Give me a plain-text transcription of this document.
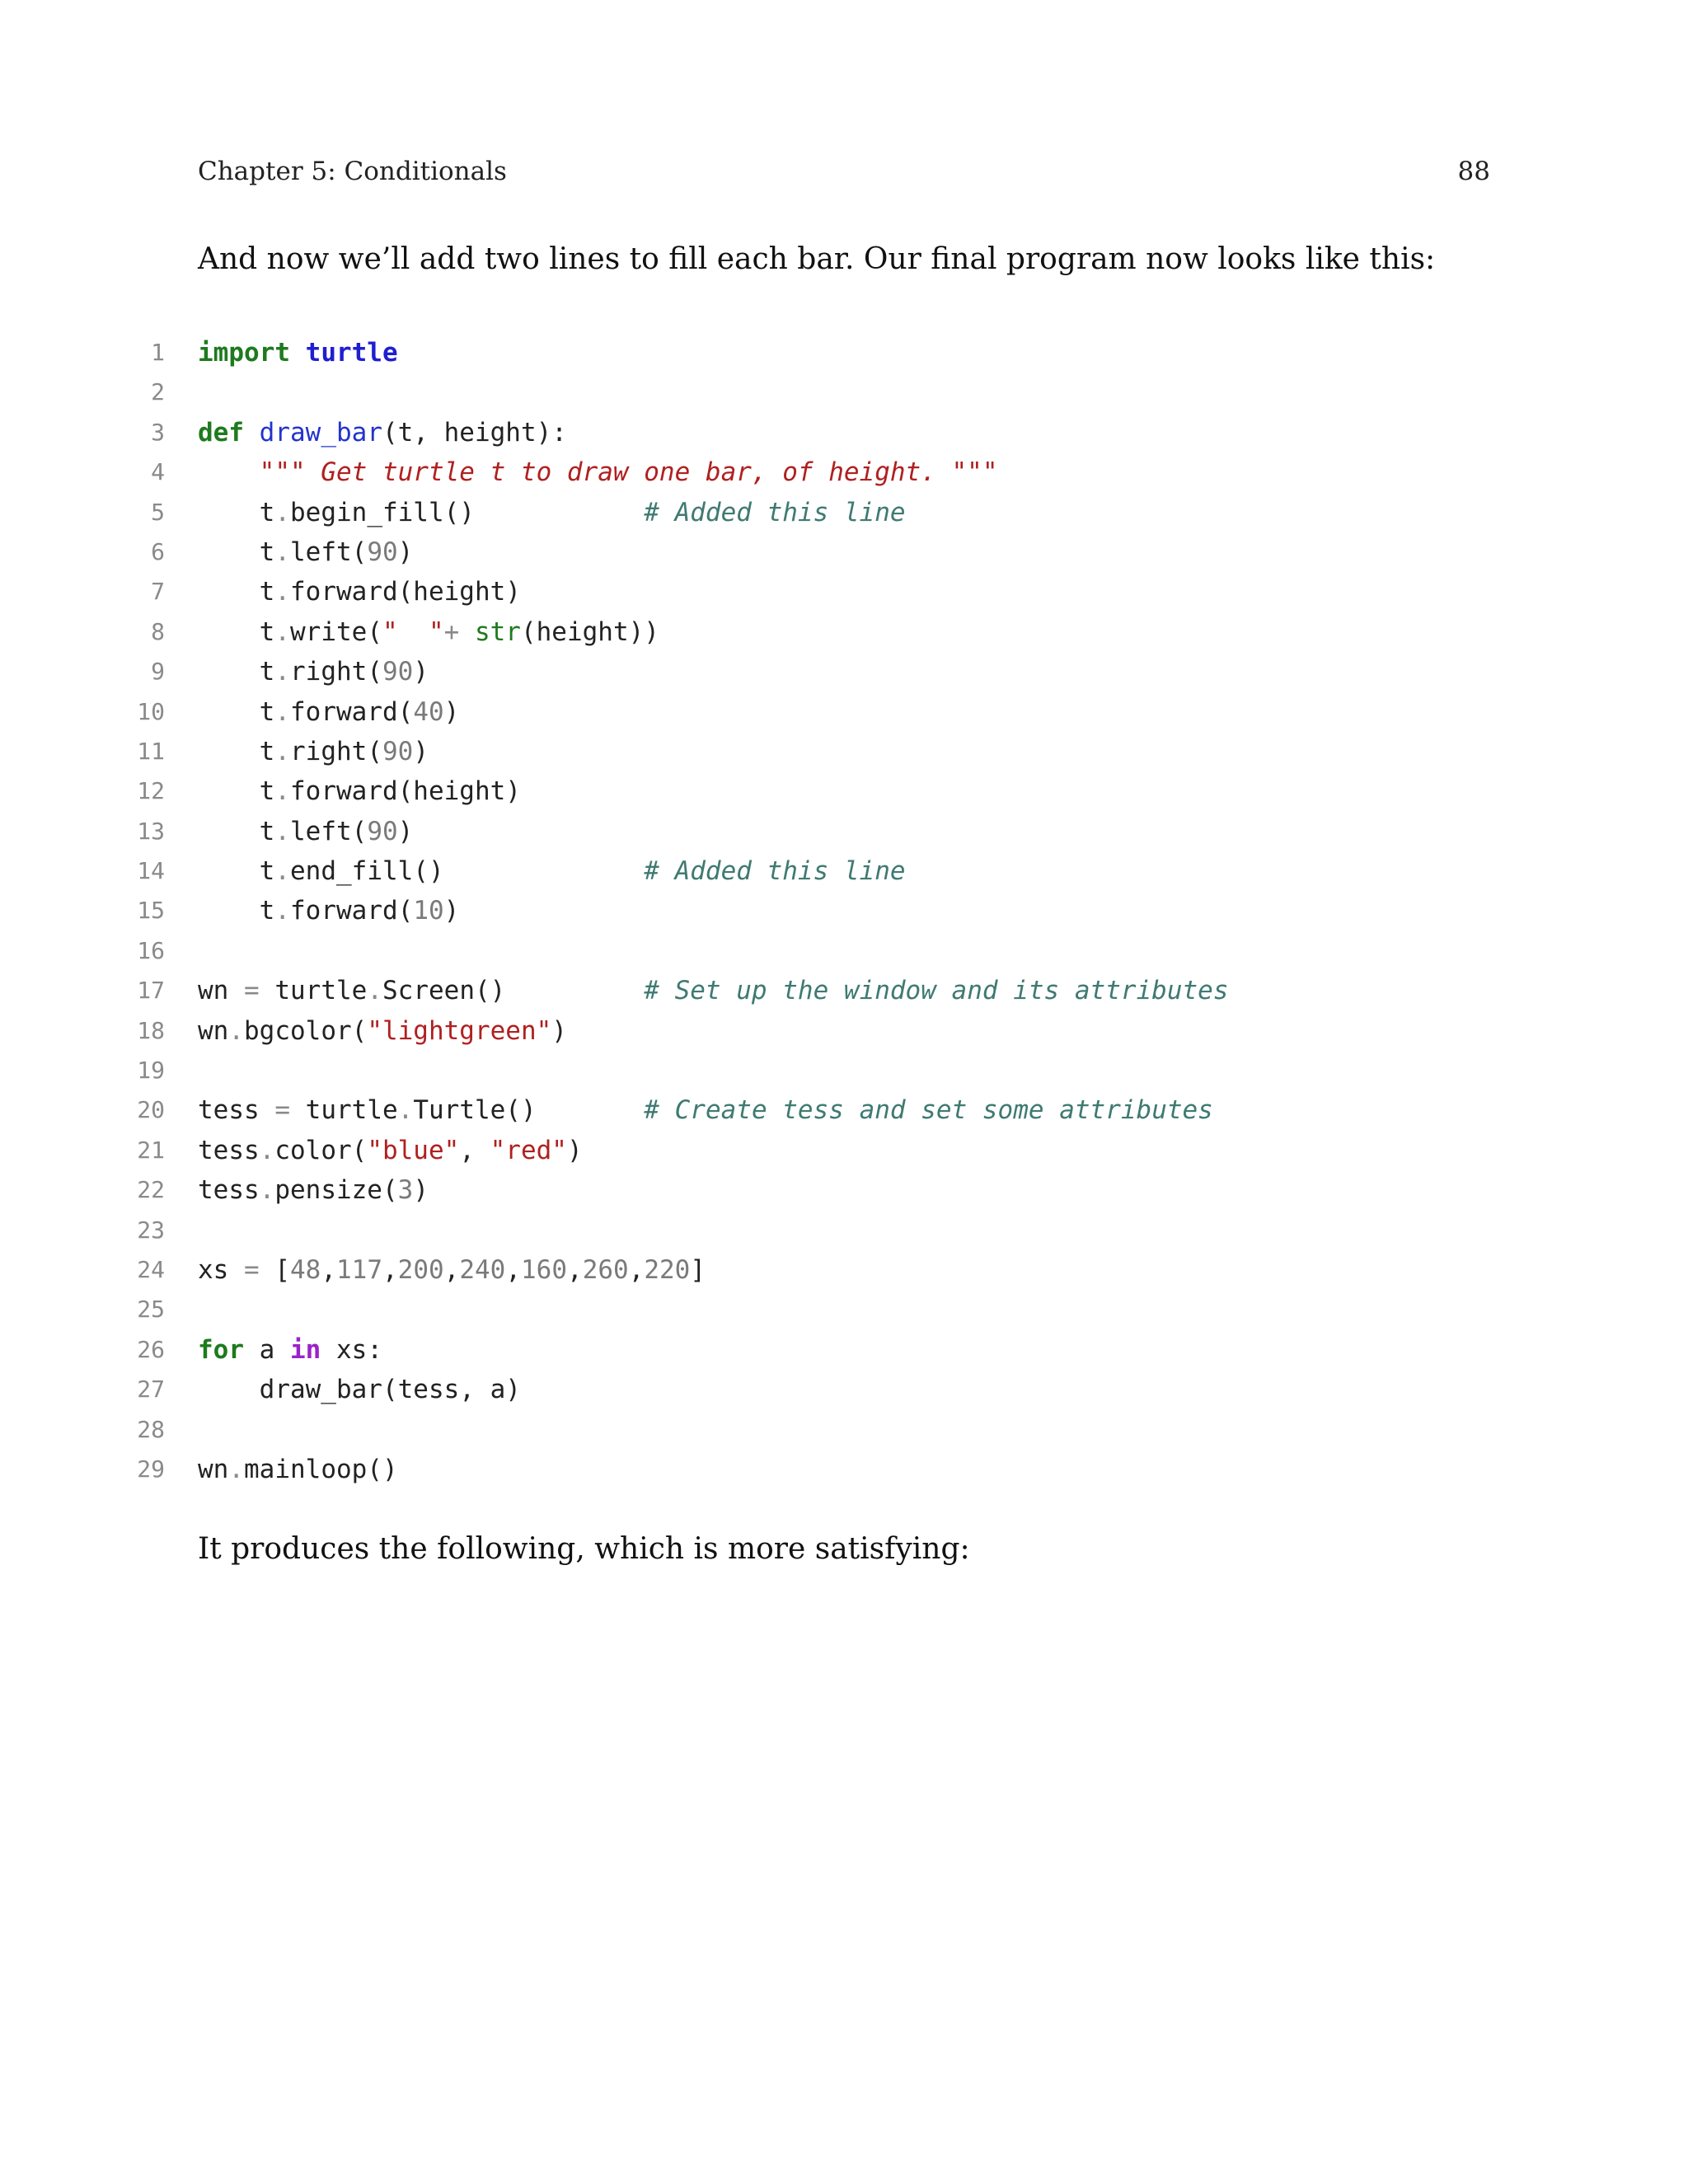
Chapter 5: Conditionals	88
And now we’ll add two lines to fill each bar. Our final program now looks like this:
1 import turtle
2
3 def draw_bar(t, height):
4	""" Get turtle t to draw one bar, of height. """
5 t.begin_fill()           # Added this line
6 t.left(90)
7 t.forward(height)
8 t.write("  "+ str(height))
9 t.right(90)
10 t.forward(40)
11 t.right(90)
12 t.forward(height)
13 t.left(90)
14 t.end_fill()             # Added this line
15 t.forward(10)
16
17 wn = turtle.Screen()         # Set up the window and its attributes
18 wn.bgcolor("lightgreen")
19
20 tess = turtle.Turtle()       # Create tess and set some attributes
21 tess.color("blue", "red")
22 tess.pensize(3)
23
24 xs = [48,117,200,240,160,260,220]
25
26 for a in xs:
27 draw_bar(tess, a)
28
29 wn.mainloop()
It produces the following, which is more satisfying:
